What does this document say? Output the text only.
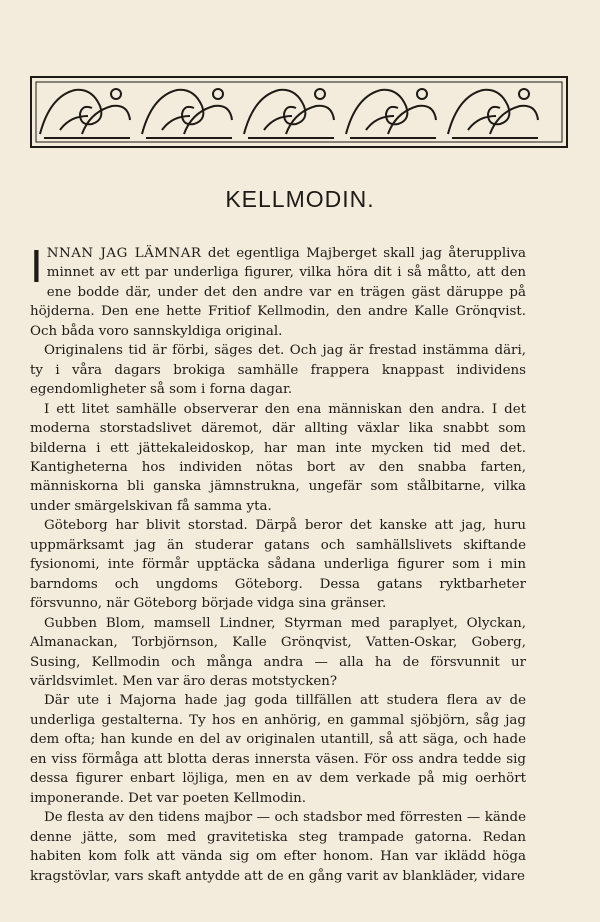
KELLMODIN.

INNAN JAG LÄMNAR det egentliga Majberget skall jag återuppliva minnet av ett par underliga figurer, vilka höra dit i så måtto, att den ene bodde där, under det den andre var en trägen gäst däruppe på höjderna. Den ene hette Fritiof Kellmodin, den andre Kalle Grönqvist. Och båda voro sannskyldiga original.

Originalens tid är förbi, säges det. Och jag är frestad instämma däri, ty i våra dagars brokiga samhälle frappera knappast individens egendomligheter så som i forna dagar.

I ett litet samhälle observerar den ena människan den andra. I det moderna storstadslivet däremot, där allting växlar lika snabbt som bilderna i ett jättekaleidoskop, har man inte mycken tid med det. Kantigheterna hos individen nötas bort av den snabba farten, människorna bli ganska jämnstrukna, ungefär som stålbitarne, vilka under smärgelskivan få samma yta.

Göteborg har blivit storstad. Därpå beror det kanske att jag, huru uppmärksamt jag än studerar gatans och samhällslivets skiftande fysionomi, inte förmår upptäcka sådana underliga figurer som i min barndoms och ungdoms Göteborg. Dessa gatans ryktbarheter försvunno, när Göteborg började vidga sina gränser.

Gubben Blom, mamsell Lindner, Styrman med paraplyet, Olyckan, Almanackan, Torbjörnson, Kalle Grönqvist, Vatten-Oskar, Goberg, Susing, Kellmodin och många andra — alla ha de försvunnit ur världsvimlet. Men var äro deras motstycken?

Där ute i Majorna hade jag goda tillfällen att studera flera av de underliga gestalterna. Ty hos en anhörig, en gammal sjöbjörn, såg jag dem ofta; han kunde en del av originalen utantill, så att säga, och hade en viss förmåga att blotta deras innersta väsen. För oss andra tedde sig dessa figurer enbart löjliga, men en av dem verkade på mig oerhört imponerande. Det var poeten Kellmodin.

De flesta av den tidens majbor — och stadsbor med förresten — kände denne jätte, som med gravitetiska steg trampade gatorna. Redan habiten kom folk att vända sig om efter honom. Han var iklädd höga kragstövlar, vars skaft antydde att de en gång varit av blankläder, vidare
